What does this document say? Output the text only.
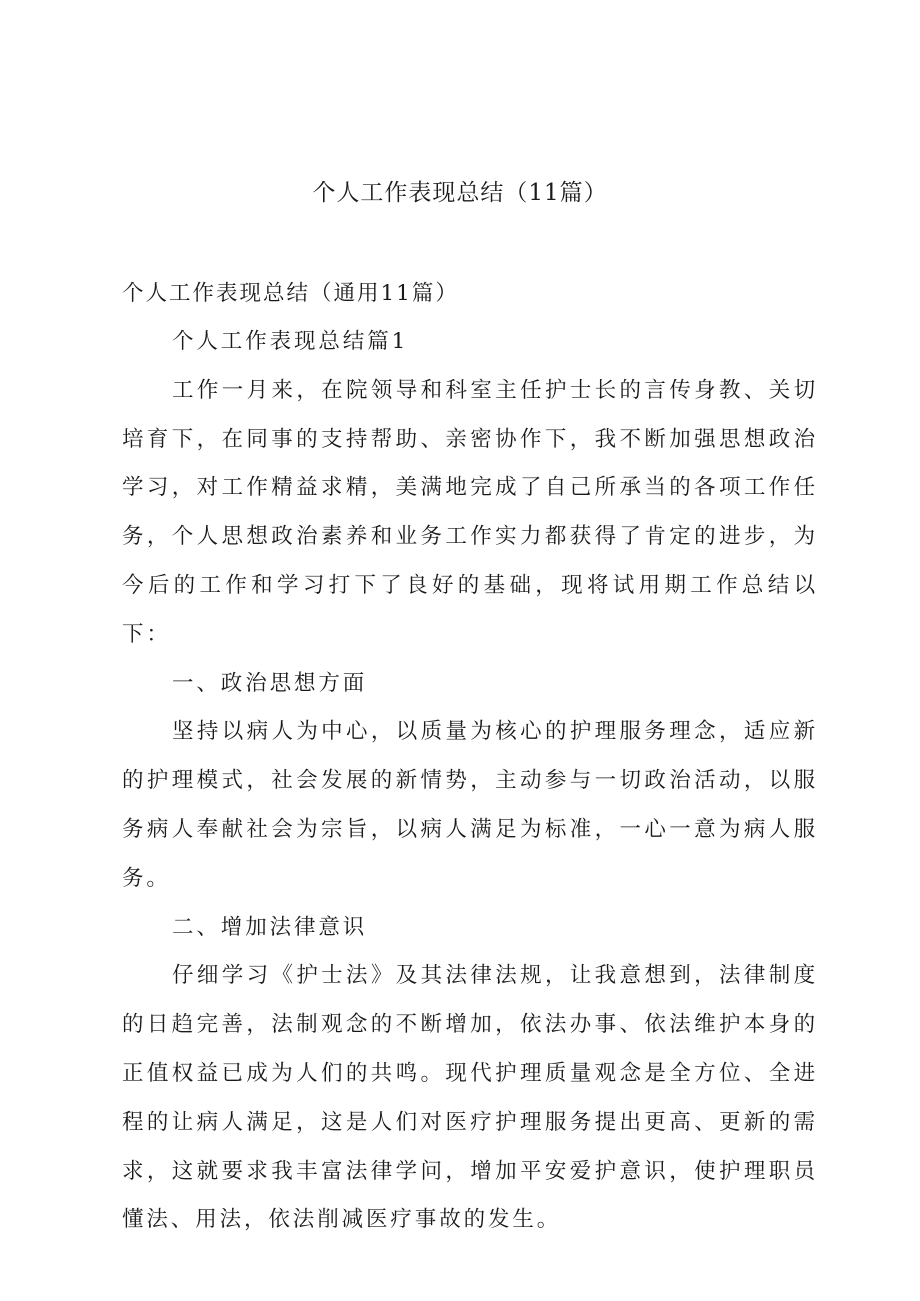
个人工作表现总结（11篇）
个人工作表现总结（通用11篇）

个人工作表现总结篇1

工作一月来，在院领导和科室主任护士长的言传身教、关切培育下，在同事的支持帮助、亲密协作下，我不断加强思想政治学习，对工作精益求精，美满地完成了自己所承当的各项工作任务，个人思想政治素养和业务工作实力都获得了肯定的进步，为今后的工作和学习打下了良好的基础，现将试用期工作总结以下：

一、政治思想方面

坚持以病人为中心，以质量为核心的护理服务理念，适应新的护理模式，社会发展的新情势，主动参与一切政治活动，以服务病人奉献社会为宗旨，以病人满足为标准，一心一意为病人服务。

二、增加法律意识

仔细学习《护士法》及其法律法规，让我意想到，法律制度的日趋完善，法制观念的不断增加，依法办事、依法维护本身的正值权益已成为人们的共鸣。现代护理质量观念是全方位、全进程的让病人满足，这是人们对医疗护理服务提出更高、更新的需求，这就要求我丰富法律学问，增加平安爱护意识，使护理职员懂法、用法，依法削减医疗事故的发生。
